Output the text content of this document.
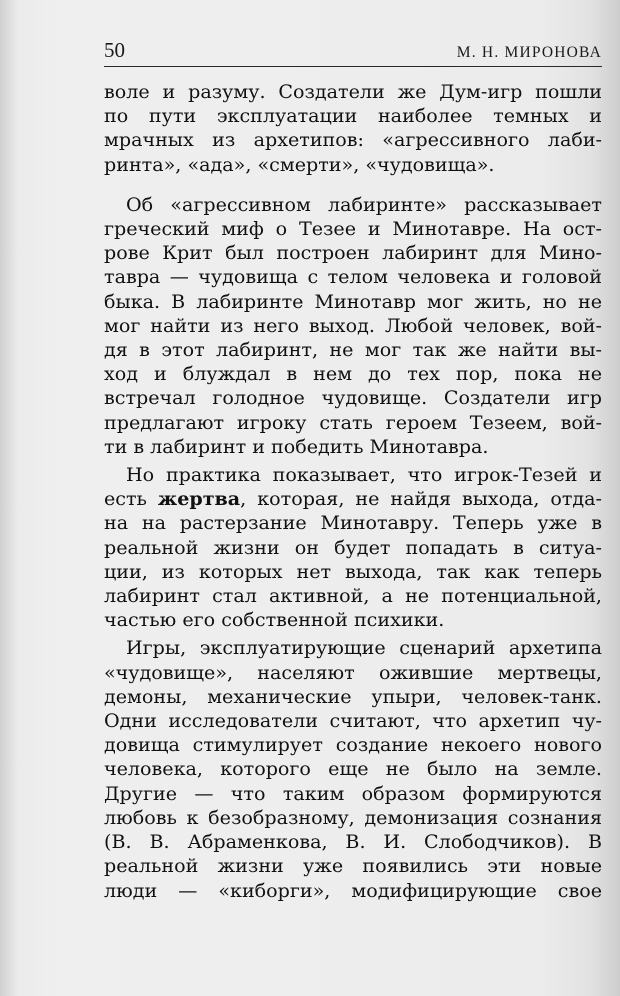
50	М. Н. МИРОНОВА
воле и разуму. Создатели же Дум-игр пошли
по пути эксплуатации наиболее темных и
мрачных из архетипов: «агрессивного лаби-
ринта», «ада», «смерти», «чудовища».
Об «агрессивном лабиринте» рассказывает
греческий миф о Тезее и Минотавре. На ост-
рове Крит был построен лабиринт для Мино-
тавра — чудовища с телом человека и головой
быка. В лабиринте Минотавр мог жить, но не
мог найти из него выход. Любой человек, вой-
дя в этот лабиринт, не мог так же найти вы-
ход и блуждал в нем до тех пор, пока не
встречал голодное чудовище. Создатели игр
предлагают игроку стать героем Тезеем, вой-
ти в лабиринт и победить Минотавра.
Но практика показывает, что игрок-Тезей и
есть жертва, которая, не найдя выхода, отда-
на на растерзание Минотавру. Теперь уже в
реальной жизни он будет попадать в ситуа-
ции, из которых нет выхода, так как теперь
лабиринт стал активной, а не потенциальной,
частью его собственной психики.
Игры, эксплуатирующие сценарий архетипа
«чудовище», населяют ожившие мертвецы,
демоны, механические упыри, человек-танк.
Одни исследователи считают, что архетип чу-
довища стимулирует создание некоего нового
человека, которого еще не было на земле.
Другие — что таким образом формируются
любовь к безобразному, демонизация сознания
(В. В. Абраменкова, В. И. Слободчиков). В
реальной жизни уже появились эти новые
люди — «киборги», модифицирующие свое
